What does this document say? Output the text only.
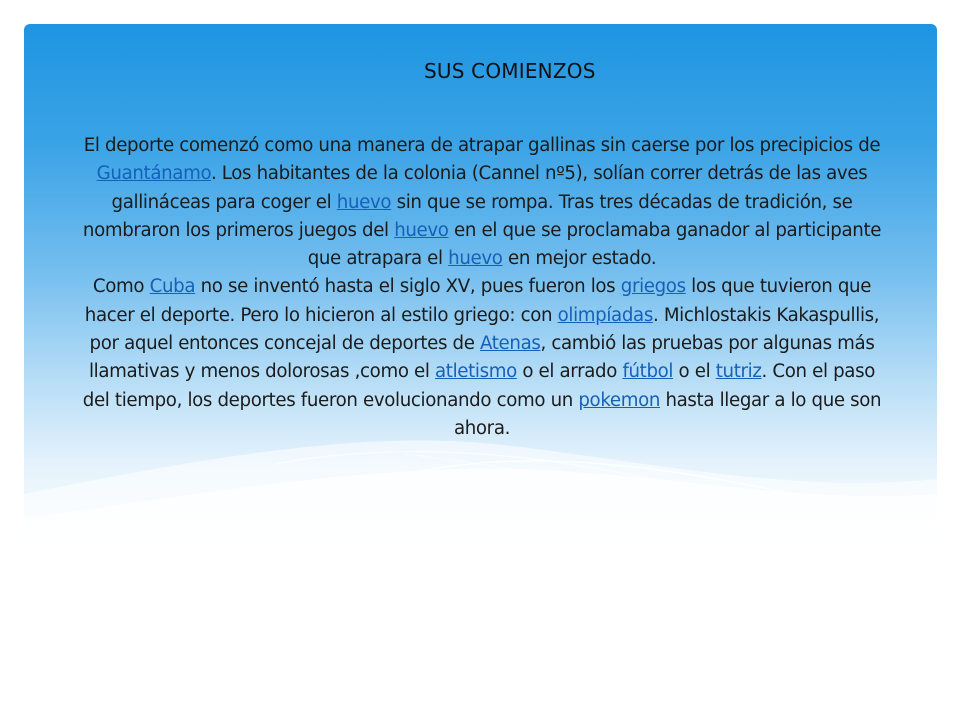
SUS COMIENZOS
El deporte comenzó como una manera de atrapar gallinas sin caerse por los precipicios de Guantánamo. Los habitantes de la colonia (Cannel nº5), solían correr detrás de las aves gallináceas para coger el huevo sin que se rompa. Tras tres décadas de tradición, se nombraron los primeros juegos del huevo en el que se proclamaba ganador al participante que atrapara el huevo en mejor estado.
Como Cuba no se inventó hasta el siglo XV, pues fueron los griegos los que tuvieron que hacer el deporte. Pero lo hicieron al estilo griego: con olimpíadas. Michlostakis Kakaspullis, por aquel entonces concejal de deportes de Atenas, cambió las pruebas por algunas más llamativas y menos dolorosas ,como el atletismo o el arrado fútbol o el tutriz. Con el paso del tiempo, los deportes fueron evolucionando como un pokemon hasta llegar a lo que son ahora.
